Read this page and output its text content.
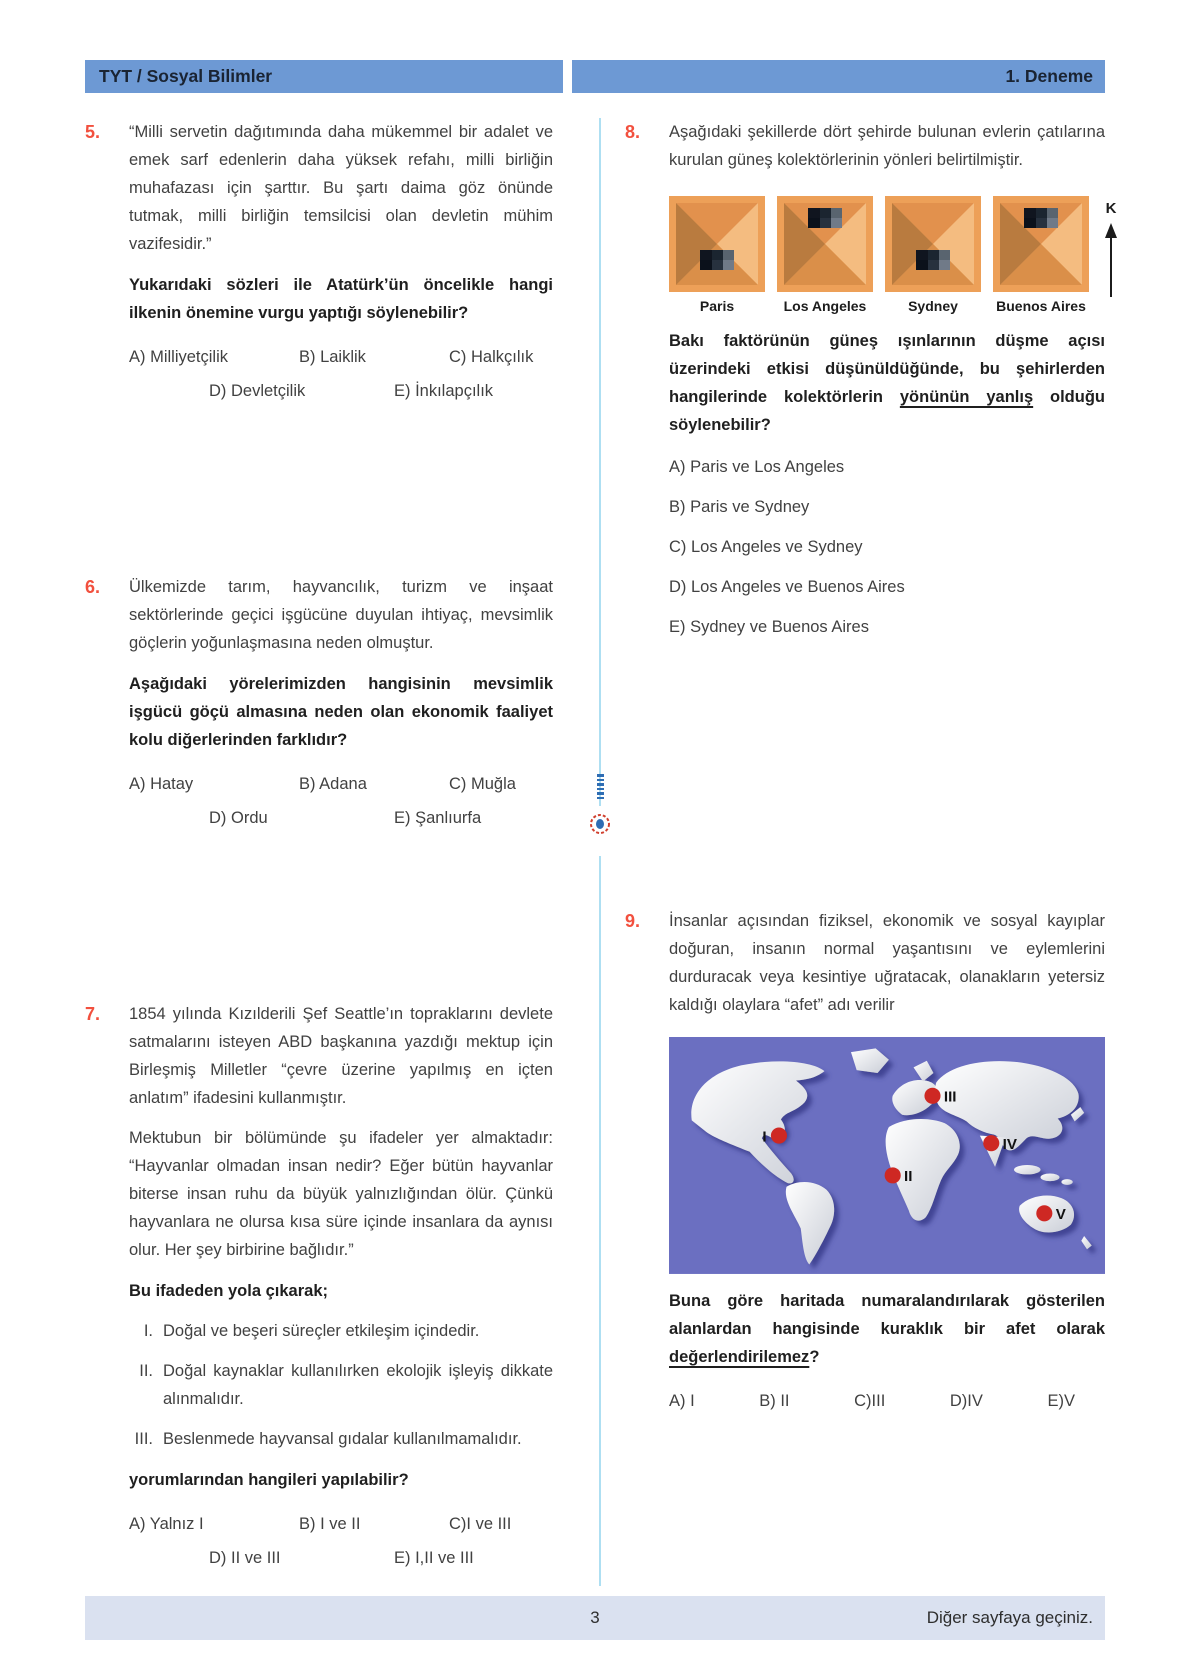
TYT / Sosyal Bilimler	1. Deneme
5.	“Milli servetin dağıtımında daha mükemmel bir adalet ve emek sarf edenlerin daha yüksek refahı, milli birliğin muhafazası için şarttır. Bu şartı daima göz önünde tutmak, milli birliğin temsilcisi olan devletin mühim vazifesidir.”

Yukarıdaki sözleri ile Atatürk’ün öncelikle hangi ilkenin önemine vurgu yaptığı söylenebilir?

A) Milliyetçilik	B) Laiklik	C) Halkçılık
D) Devletçilik	E) İnkılapçılık
6.	Ülkemizde tarım, hayvancılık, turizm ve inşaat sektörlerinde geçici işgücüne duyulan ihtiyaç, mevsimlik göçlerin yoğunlaşmasına neden olmuştur.

Aşağıdaki yörelerimizden hangisinin mevsimlik işgücü göçü almasına neden olan ekonomik faaliyet kolu diğerlerinden farklıdır?

A) Hatay	B) Adana	C) Muğla
D) Ordu	E) Şanlıurfa
7.	1854 yılında Kızılderili Şef Seattle’ın topraklarını devlete satmalarını isteyen ABD başkanına yazdığı mektup için Birleşmiş Milletler “çevre üzerine yapılmış en içten anlatım” ifadesini kullanmıştır.

Mektubun bir bölümünde şu ifadeler yer almaktadır: “Hayvanlar olmadan insan nedir? Eğer bütün hayvanlar biterse insan ruhu da büyük yalnızlığından ölür. Çünkü hayvanlara ne olursa kısa süre içinde insanlara da aynısı olur. Her şey birbirine bağlıdır.”

Bu ifadeden yola çıkarak;

I. Doğal ve beşeri süreçler etkileşim içindedir.
II. Doğal kaynaklar kullanılırken ekolojik işleyiş dikkate alınmalıdır.
III. Beslenmede hayvansal gıdalar kullanılmamalıdır.

yorumlarından hangileri yapılabilir?

A) Yalnız I	B) I ve II	C)I ve III
D) II ve III	E) I,II ve III
8.	Aşağıdaki şekillerde dört şehirde bulunan evlerin çatılarına kurulan güneş kolektörlerinin yönleri belirtilmiştir.

Paris	Los Angeles	Sydney	Buenos Aires
K

Bakı faktörünün güneş ışınlarının düşme açısı üzerindeki etkisi düşünüldüğünde, bu şehirlerden hangilerinde kolektörlerin yönünün yanlış olduğu söylenebilir?

A) Paris ve Los Angeles
B) Paris ve Sydney
C) Los Angeles ve Sydney
D) Los Angeles ve Buenos Aires
E) Sydney ve Buenos Aires
9.	İnsanlar açısından fiziksel, ekonomik ve sosyal kayıplar doğuran, insanın normal yaşantısını ve eylemlerini durduracak veya kesintiye uğratacak, olanakların yetersiz kaldığı olaylara “afet” adı verilir

I
II
III
IV
V

Buna göre haritada numaralandırılarak gösterilen alanlardan hangisinde kuraklık bir afet olarak değerlendirilemez?

A) I	B) II	C)III	D)IV	E)V
3	Diğer sayfaya geçiniz.
